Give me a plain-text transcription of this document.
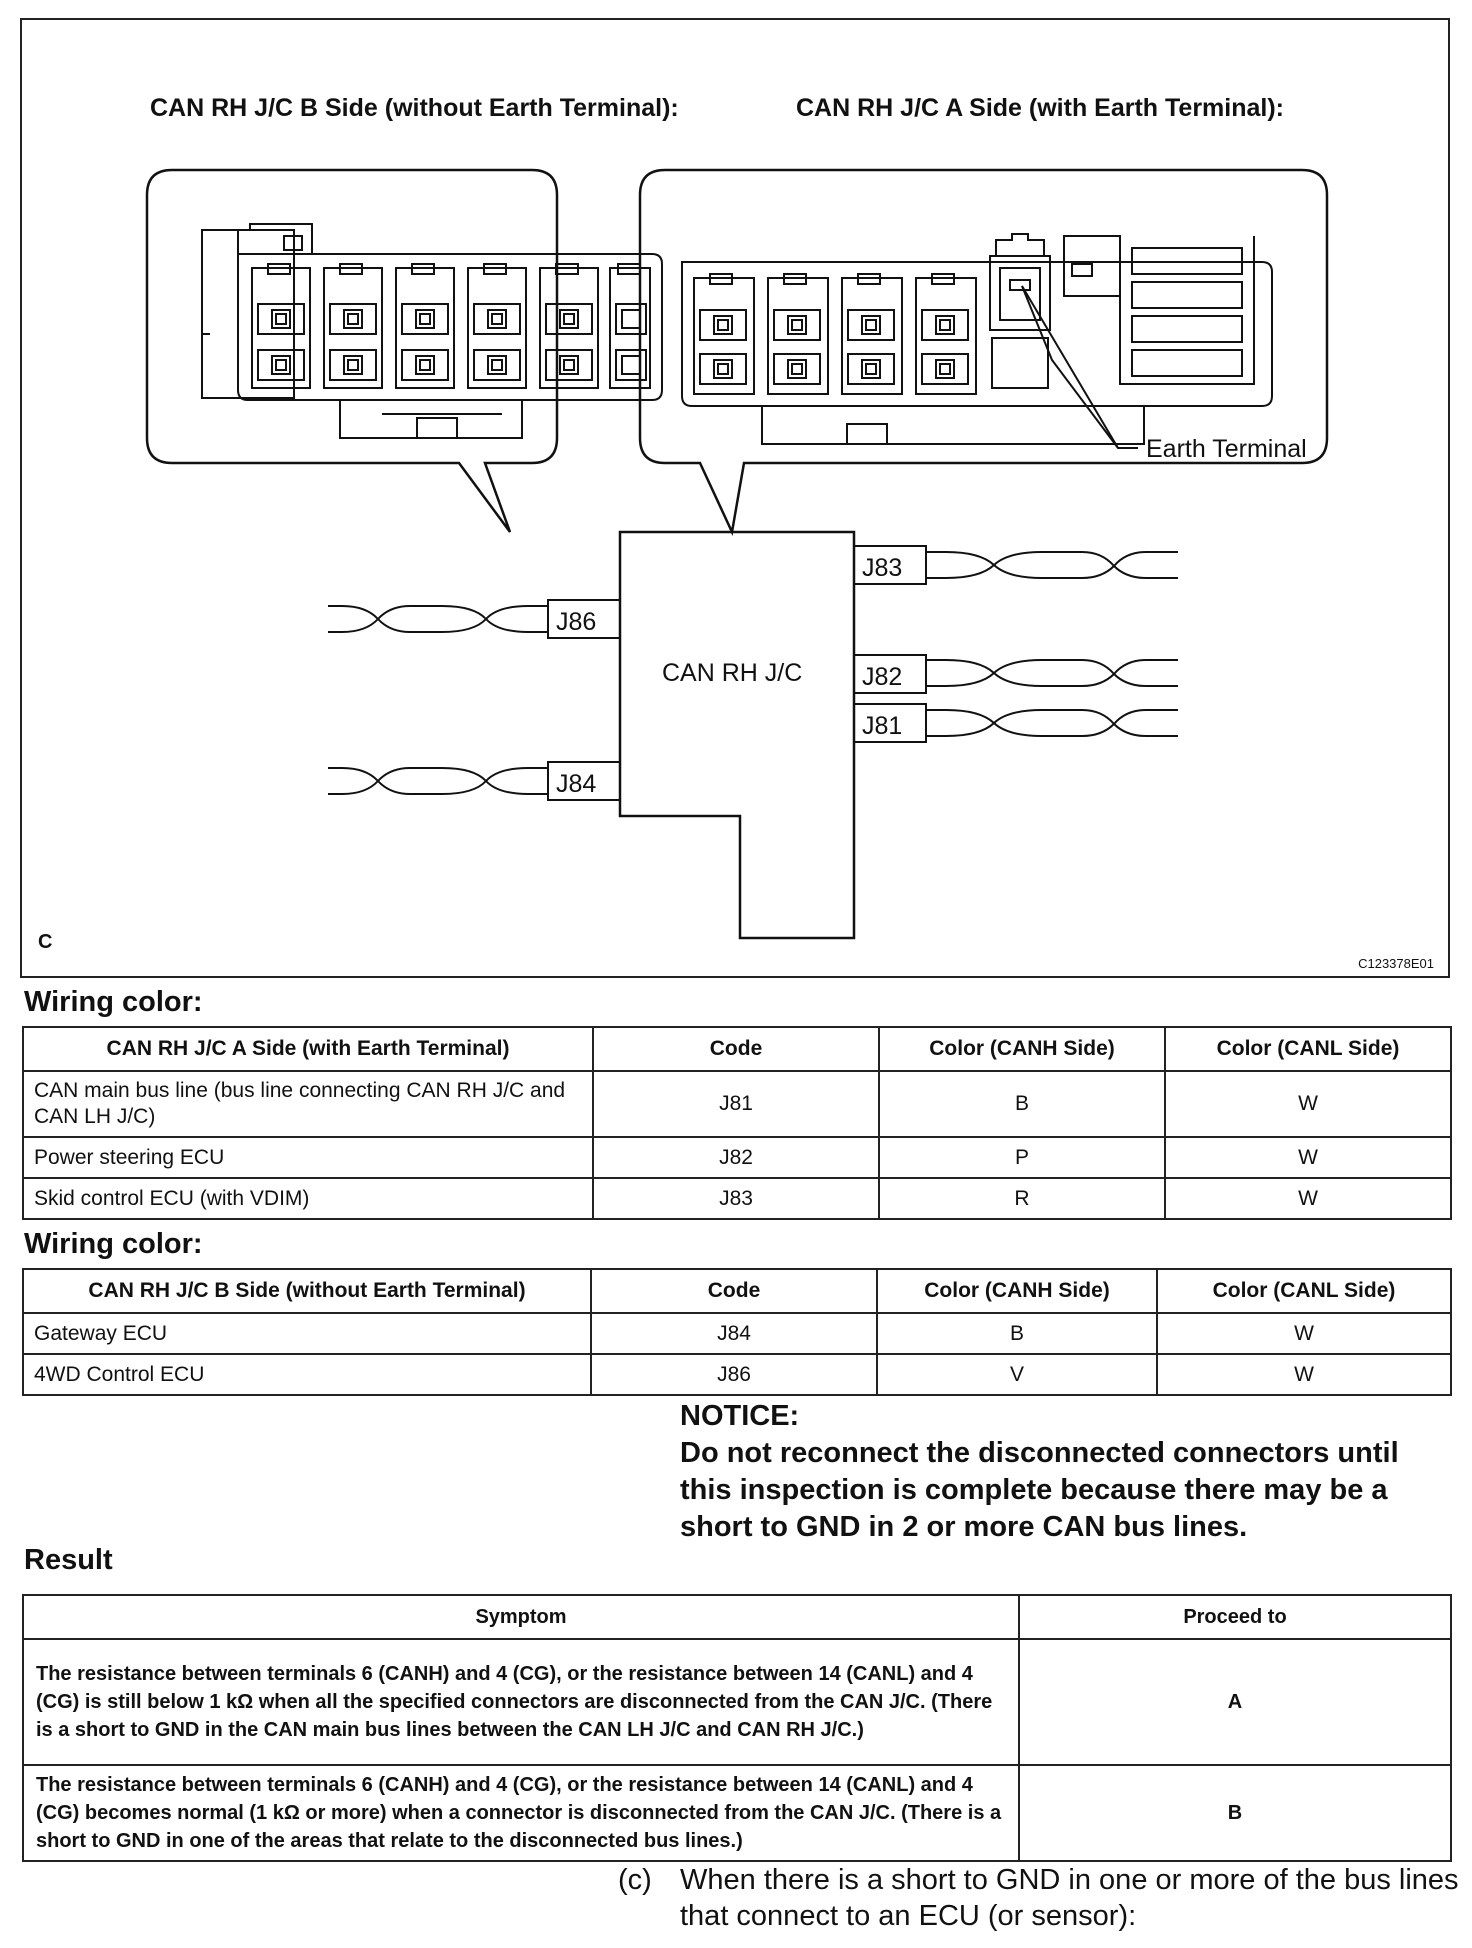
CAN RH J/C B Side (without Earth Terminal):	CAN RH J/C A Side (with Earth Terminal):
Earth Terminal
CAN RH J/C
J83
J86
J82
J81
J84
C
C123378E01
Wiring color:
CAN RH J/C A Side (with Earth Terminal)	Code	Color (CANH Side)	Color (CANL Side)
CAN main bus line (bus line connecting CAN RH J/C and CAN LH J/C)	J81	B	W
Power steering ECU	J82	P	W
Skid control ECU (with VDIM)	J83	R	W
Wiring color:
CAN RH J/C B Side (without Earth Terminal)	Code	Color (CANH Side)	Color (CANL Side)
Gateway ECU	J84	B	W
4WD Control ECU	J86	V	W
NOTICE:
Do not reconnect the disconnected connectors until this inspection is complete because there may be a short to GND in 2 or more CAN bus lines.
Result
Symptom	Proceed to
The resistance between terminals 6 (CANH) and 4 (CG), or the resistance between 14 (CANL) and 4 (CG) is still below 1 kΩ when all the specified connectors are disconnected from the CAN J/C. (There is a short to GND in the CAN main bus lines between the CAN LH J/C and CAN RH J/C.)	A
The resistance between terminals 6 (CANH) and 4 (CG), or the resistance between 14 (CANL) and 4 (CG) becomes normal (1 kΩ or more) when a connector is disconnected from the CAN J/C. (There is a short to GND in one of the areas that relate to the disconnected bus lines.)	B
(c) When there is a short to GND in one or more of the bus lines that connect to an ECU (or sensor):
